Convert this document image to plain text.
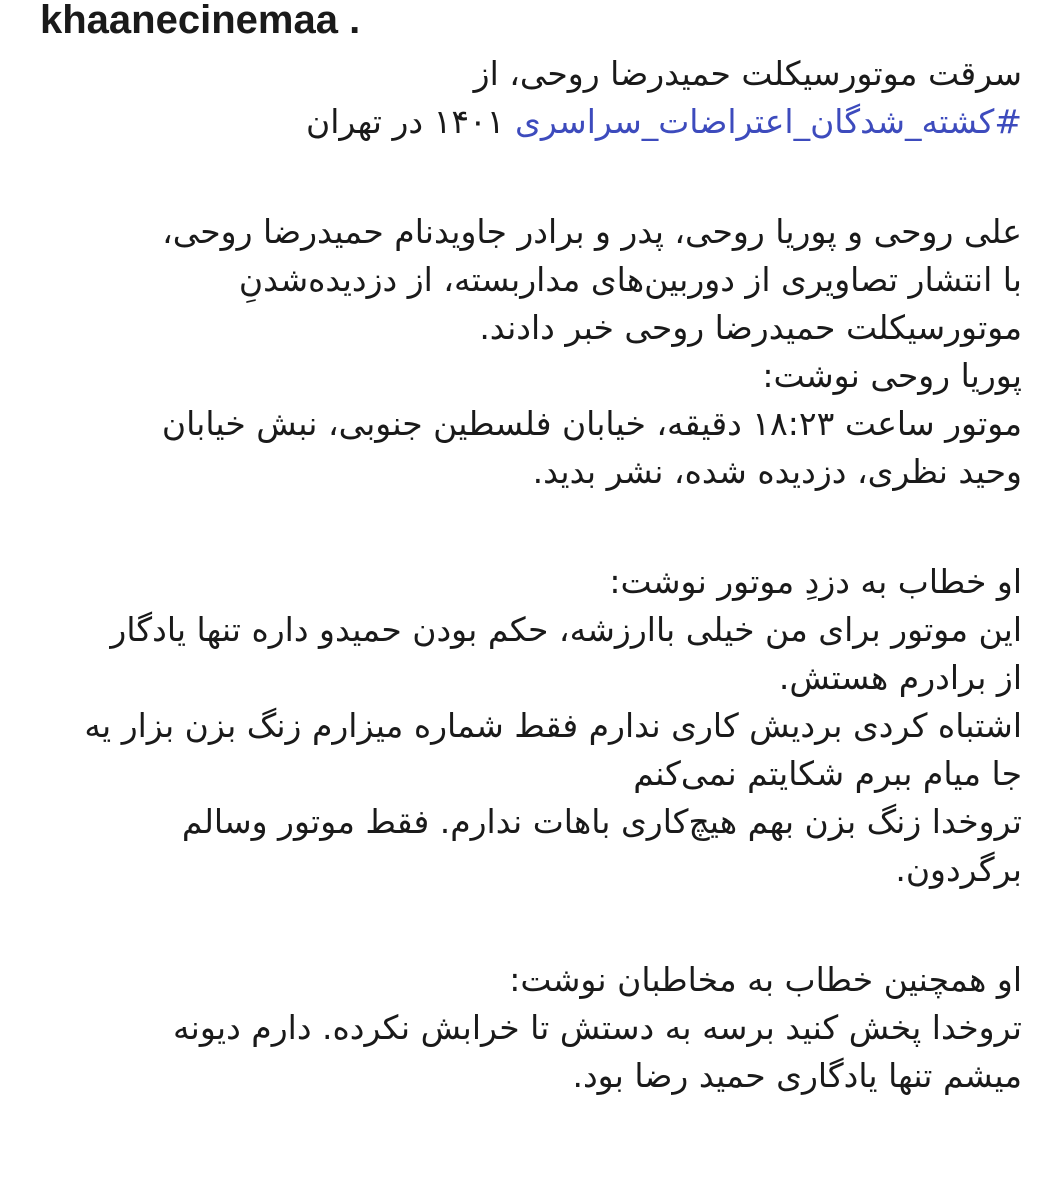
khaanecinemaa .
سرقت موتورسیکلت حمیدرضا روحی، از
#کشته_شدگان_اعتراضات_سراسری ۱۴۰۱ در تهران
علی روحی و پوریا روحی، پدر و برادر جاویدنام حمیدرضا روحی،
با انتشار تصاویری از دوربین‌های مداربسته، از دزدیده‌شدنِ
موتورسیکلت حمیدرضا روحی خبر دادند.
پوریا روحی نوشت:
موتور ساعت ۱۸:۲۳ دقیقه، خیابان فلسطین جنوبی، نبش خیابان
وحید نظری، دزدیده شده، نشر بدید.
او خطاب به دزدِ موتور نوشت:
این موتور برای من خیلی باارزشه، حکم بودن حمیدو داره تنها یادگار
از برادرم هستش.
اشتباه کردی برديش کاری ندارم فقط شماره میزارم زنگ بزن بزار یه
جا میام ببرم شکایتم نمی‌کنم
تروخدا زنگ بزن بهم هیچ‌کاری باهات ندارم. فقط موتور وسالم
برگردون.
او همچنین خطاب به مخاطبان نوشت:
تروخدا پخش کنید برسه به دستش تا خرابش نکرده. دارم دیونه
میشم تنها یادگاری حمید رضا بود.
